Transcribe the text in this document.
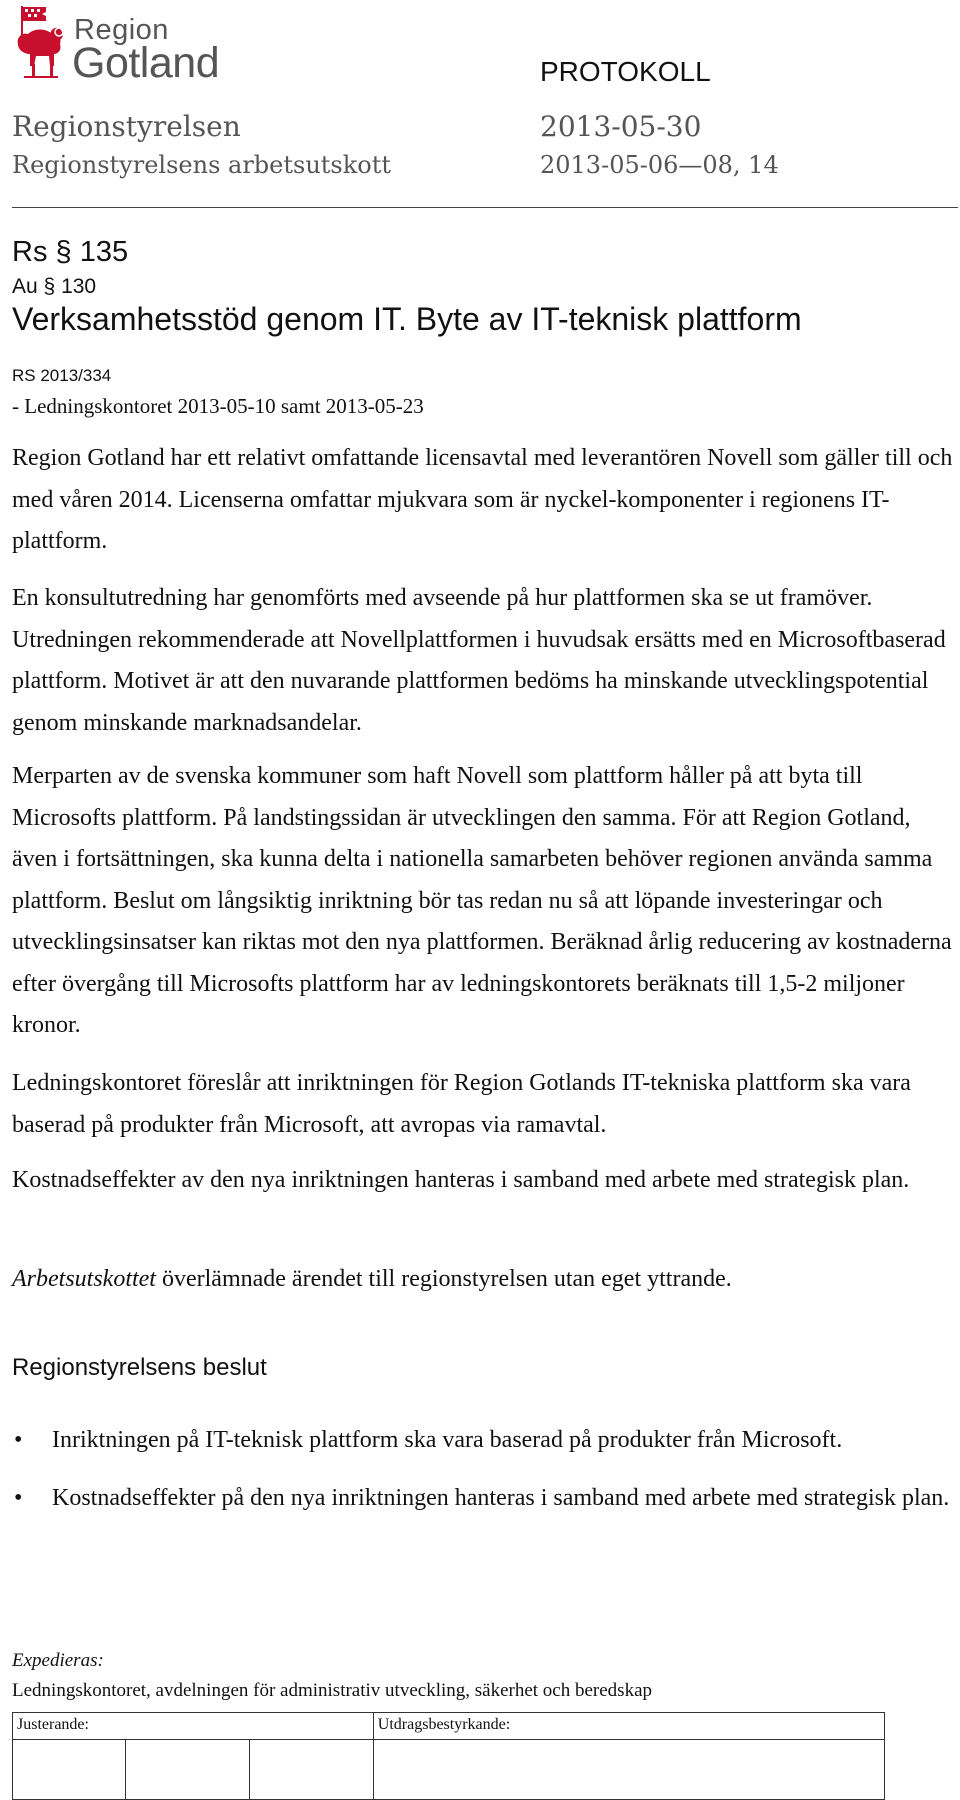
Region
Gotland	PROTOKOLL
Regionstyrelsen
Regionstyrelsens arbetsutskott
2013-05-30
2013-05-06—08, 14
Rs § 135
Au § 130
Verksamhetsstöd genom IT. Byte av IT-teknisk plattform
RS 2013/334
- Ledningskontoret 2013-05-10 samt 2013-05-23
Region Gotland har ett relativt omfattande licensavtal med leverantören Novell som gäller till och med våren 2014. Licenserna omfattar mjukvara som är nyckel-komponenter i regionens IT-plattform.
En konsultutredning har genomförts med avseende på hur plattformen ska se ut framöver. Utredningen rekommenderade att Novellplattformen i huvudsak ersätts med en Microsoftbaserad plattform. Motivet är att den nuvarande plattformen bedöms ha minskande utvecklingspotential genom minskande marknadsandelar.
Merparten av de svenska kommuner som haft Novell som plattform håller på att byta till Microsofts plattform. På landstingssidan är utvecklingen den samma. För att Region Gotland, även i fortsättningen, ska kunna delta i nationella samarbeten behöver regionen använda samma plattform. Beslut om långsiktig inriktning bör tas redan nu så att löpande investeringar och utvecklingsinsatser kan riktas mot den nya plattformen. Beräknad årlig reducering av kostnaderna efter övergång till Microsofts plattform har av ledningskontorets beräknats till 1,5-2 miljoner kronor.
Ledningskontoret föreslår att inriktningen för Region Gotlands IT-tekniska plattform ska vara baserad på produkter från Microsoft, att avropas via ramavtal.
Kostnadseffekter av den nya inriktningen hanteras i samband med arbete med strategisk plan.
Arbetsutskottet överlämnade ärendet till regionstyrelsen utan eget yttrande.
Regionstyrelsens beslut
• Inriktningen på IT-teknisk plattform ska vara baserad på produkter från Microsoft.
• Kostnadseffekter på den nya inriktningen hanteras i samband med arbete med strategisk plan.
Expedieras:
Ledningskontoret, avdelningen för administrativ utveckling, säkerhet och beredskap
Justerande:			Utdragsbestyrkande:
